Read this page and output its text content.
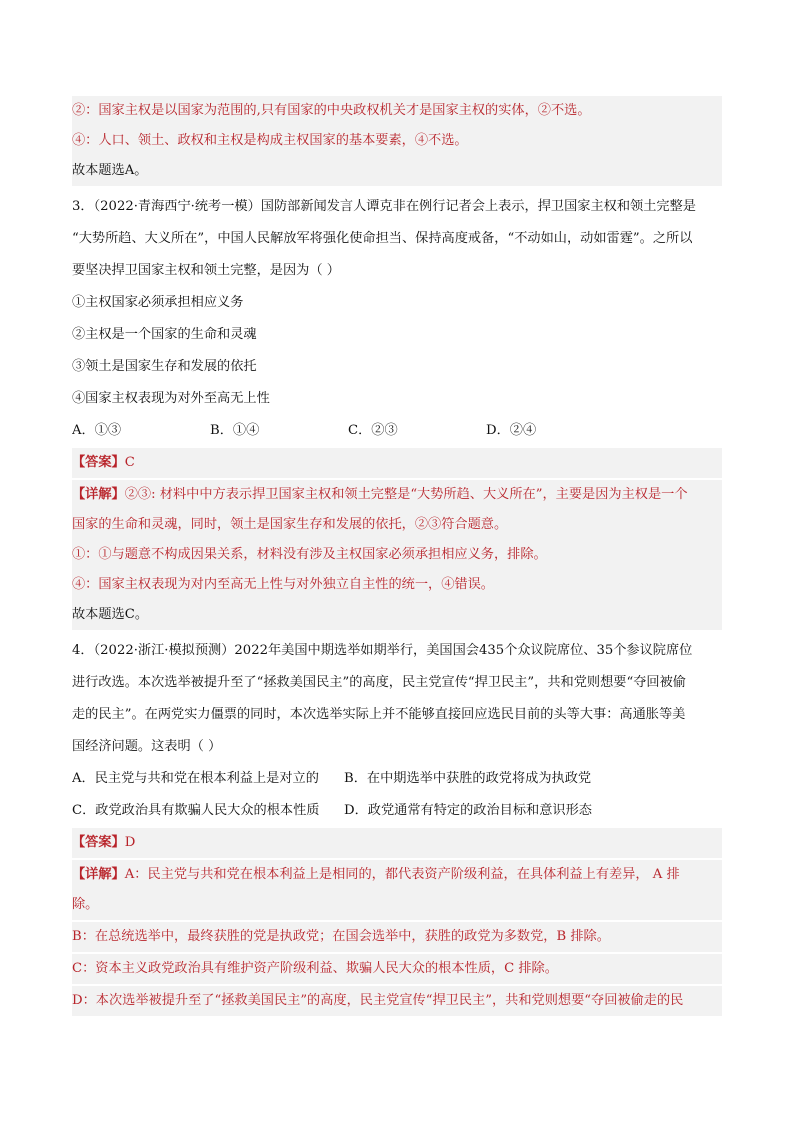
②：国家主权是以国家为范围的,只有国家的中央政权机关才是国家主权的实体，②不选。
④：人口、领土、政权和主权是构成主权国家的基本要素，④不选。
故本题选A。
3．（2022·青海西宁·统考一模）国防部新闻发言人谭克非在例行记者会上表示，捍卫国家主权和领土完整是
“大势所趋、大义所在”，中国人民解放军将强化使命担当、保持高度戒备，“不动如山，动如雷霆”。之所以
要坚决捍卫国家主权和领土完整，是因为（ ）
①主权国家必须承担相应义务
②主权是一个国家的生命和灵魂
③领土是国家生存和发展的依托
④国家主权表现为对外至高无上性
A．①③	B．①④	C．②③	D．②④
【答案】C
【详解】②③: 材料中中方表示捍卫国家主权和领土完整是“大势所趋、大义所在”，主要是因为主权是一个
国家的生命和灵魂，同时，领土是国家生存和发展的依托，②③符合题意。
①：①与题意不构成因果关系，材料没有涉及主权国家必须承担相应义务，排除。
④：国家主权表现为对内至高无上性与对外独立自主性的统一，④错误。
故本题选C。
4．（2022·浙江·模拟预测）2022年美国中期选举如期举行，美国国会435个众议院席位、35个参议院席位
进行改选。本次选举被提升至了“拯救美国民主”的高度，民主党宣传“捍卫民主”，共和党则想要“夺回被偷
走的民主”。在两党实力僵票的同时，本次选举实际上并不能够直接回应选民目前的头等大事：高通胀等美
国经济问题。这表明（ ）
A．民主党与共和党在根本利益上是对立的 B．在中期选举中获胜的政党将成为执政党
C．政党政治具有欺骗人民大众的根本性质 D．政党通常有特定的政治目标和意识形态
【答案】D
【详解】A：民主党与共和党在根本利益上是相同的，都代表资产阶级利益，在具体利益上有差异， A 排
除。
B：在总统选举中，最终获胜的党是执政党；在国会选举中，获胜的政党为多数党，B 排除。
C：资本主义政党政治具有维护资产阶级利益、欺骗人民大众的根本性质，C 排除。
D：本次选举被提升至了“拯救美国民主”的高度，民主党宣传“捍卫民主”，共和党则想要“夺回被偷走的民
